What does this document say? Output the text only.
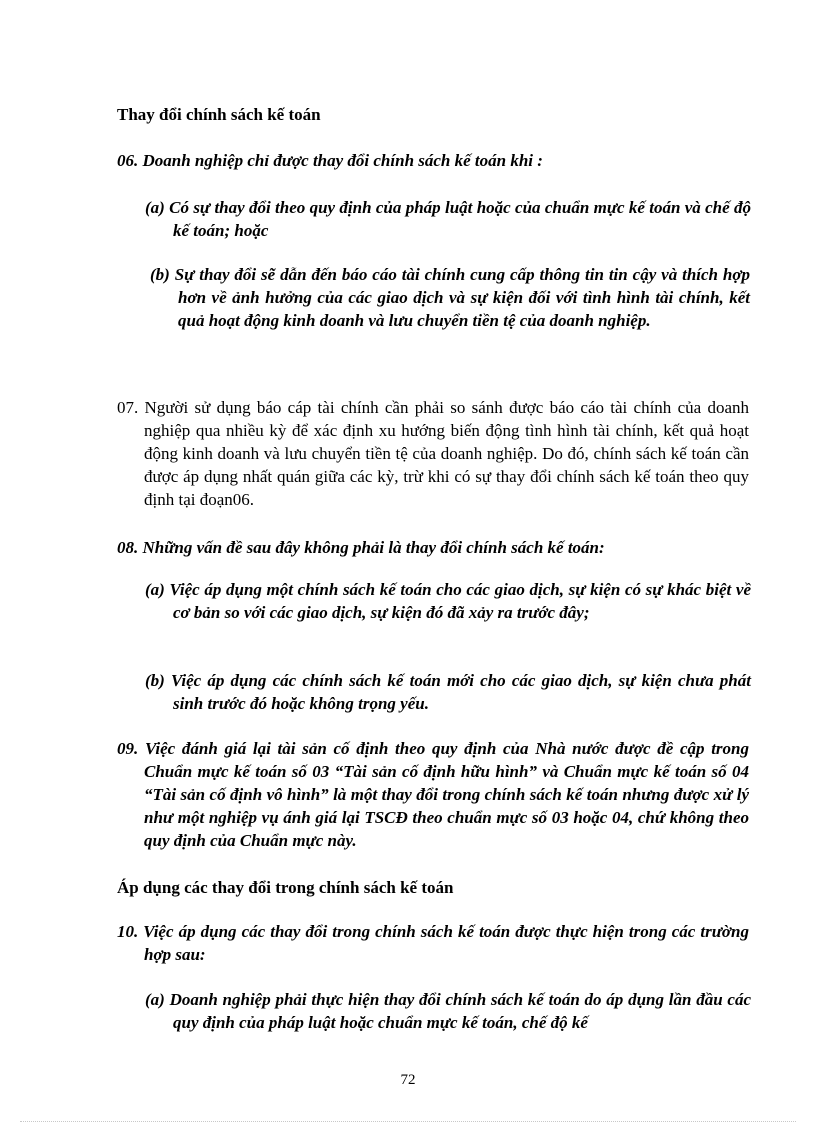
Thay đổi chính sách kế toán

06. Doanh nghiệp chỉ được thay đổi chính sách kế toán khi :

(a) Có sự thay đổi theo quy định của pháp luật hoặc của chuẩn mực kế toán và chế độ kế toán; hoặc

(b) Sự thay đổi sẽ dẫn đến báo cáo tài chính cung cấp thông tin tin cậy và thích hợp hơn về ảnh hưởng của các giao dịch và sự kiện đối với tình hình tài chính, kết quả hoạt động kinh doanh và lưu chuyển tiền tệ của doanh nghiệp.

07. Người sử dụng báo cáp tài chính cần phải so sánh được báo cáo tài chính của doanh nghiệp qua nhiều kỳ để xác định xu hướng biến động tình hình tài chính, kết quả hoạt động kinh doanh và lưu chuyển tiền tệ của doanh nghiệp. Do đó, chính sách kế toán cần được áp dụng nhất quán giữa các kỳ, trừ khi có sự thay đổi chính sách kế toán theo quy định tại đoạn06.

08. Những vấn đề sau đây không phải là thay đổi chính sách kế toán:

(a) Việc áp dụng một chính sách kế toán cho các giao dịch, sự kiện có sự khác biệt về cơ bản so với các giao dịch, sự kiện đó đã xảy ra trước đây;

(b) Việc áp dụng các chính sách kế toán mới cho các giao dịch, sự kiện chưa phát sinh trước đó hoặc không trọng yếu.

09. Việc đánh giá lại tài sản cố định theo quy định của Nhà nước được đề cập trong Chuẩn mực kế toán số 03 “Tài sản cố định hữu hình” và Chuẩn mực kế toán số 04 “Tài sản cố định vô hình” là một thay đổi trong chính sách kế toán nhưng được xử lý như một nghiệp vụ ánh giá lại TSCĐ theo chuẩn mực số 03 hoặc 04, chứ không theo quy định của Chuẩn mực này.

Áp dụng các thay đổi trong chính sách kế toán

10. Việc áp dụng các thay đổi trong chính sách kế toán được thực hiện trong các trường hợp sau:

(a) Doanh nghiệp phải thực hiện thay đổi chính sách kế toán do áp dụng lần đầu các quy định của pháp luật hoặc chuẩn mực kế toán, chế độ kế

72
